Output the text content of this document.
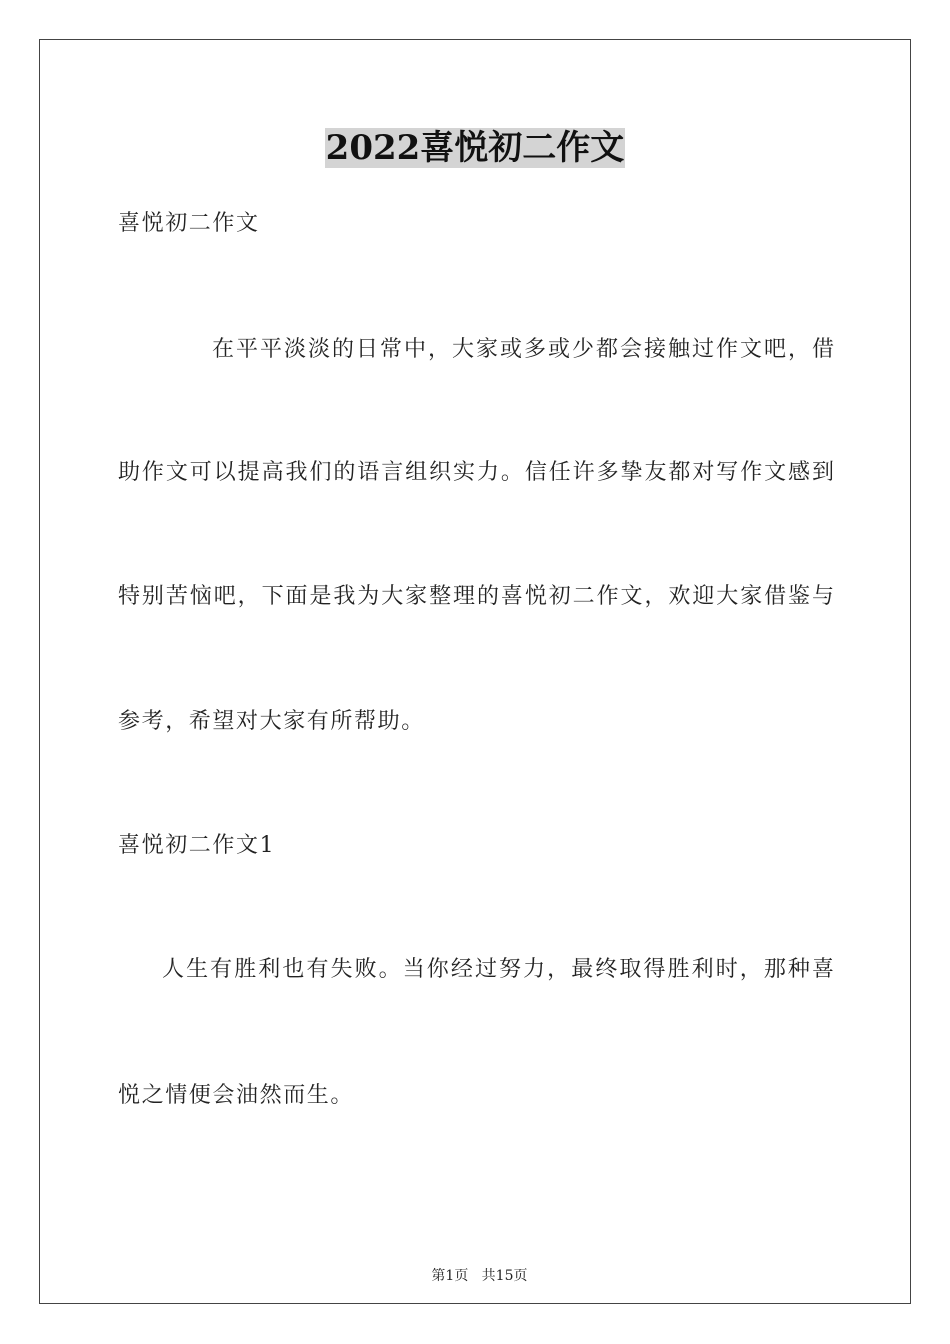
2022喜悦初二作文
喜悦初二作文
在平平淡淡的日常中，大家或多或少都会接触过作文吧，借
助作文可以提高我们的语言组织实力。信任许多挚友都对写作文感到
特别苦恼吧，下面是我为大家整理的喜悦初二作文，欢迎大家借鉴与
参考，希望对大家有所帮助。
喜悦初二作文1
人生有胜利也有失败。当你经过努力，最终取得胜利时，那种喜
悦之情便会油然而生。

第1页   共15页
